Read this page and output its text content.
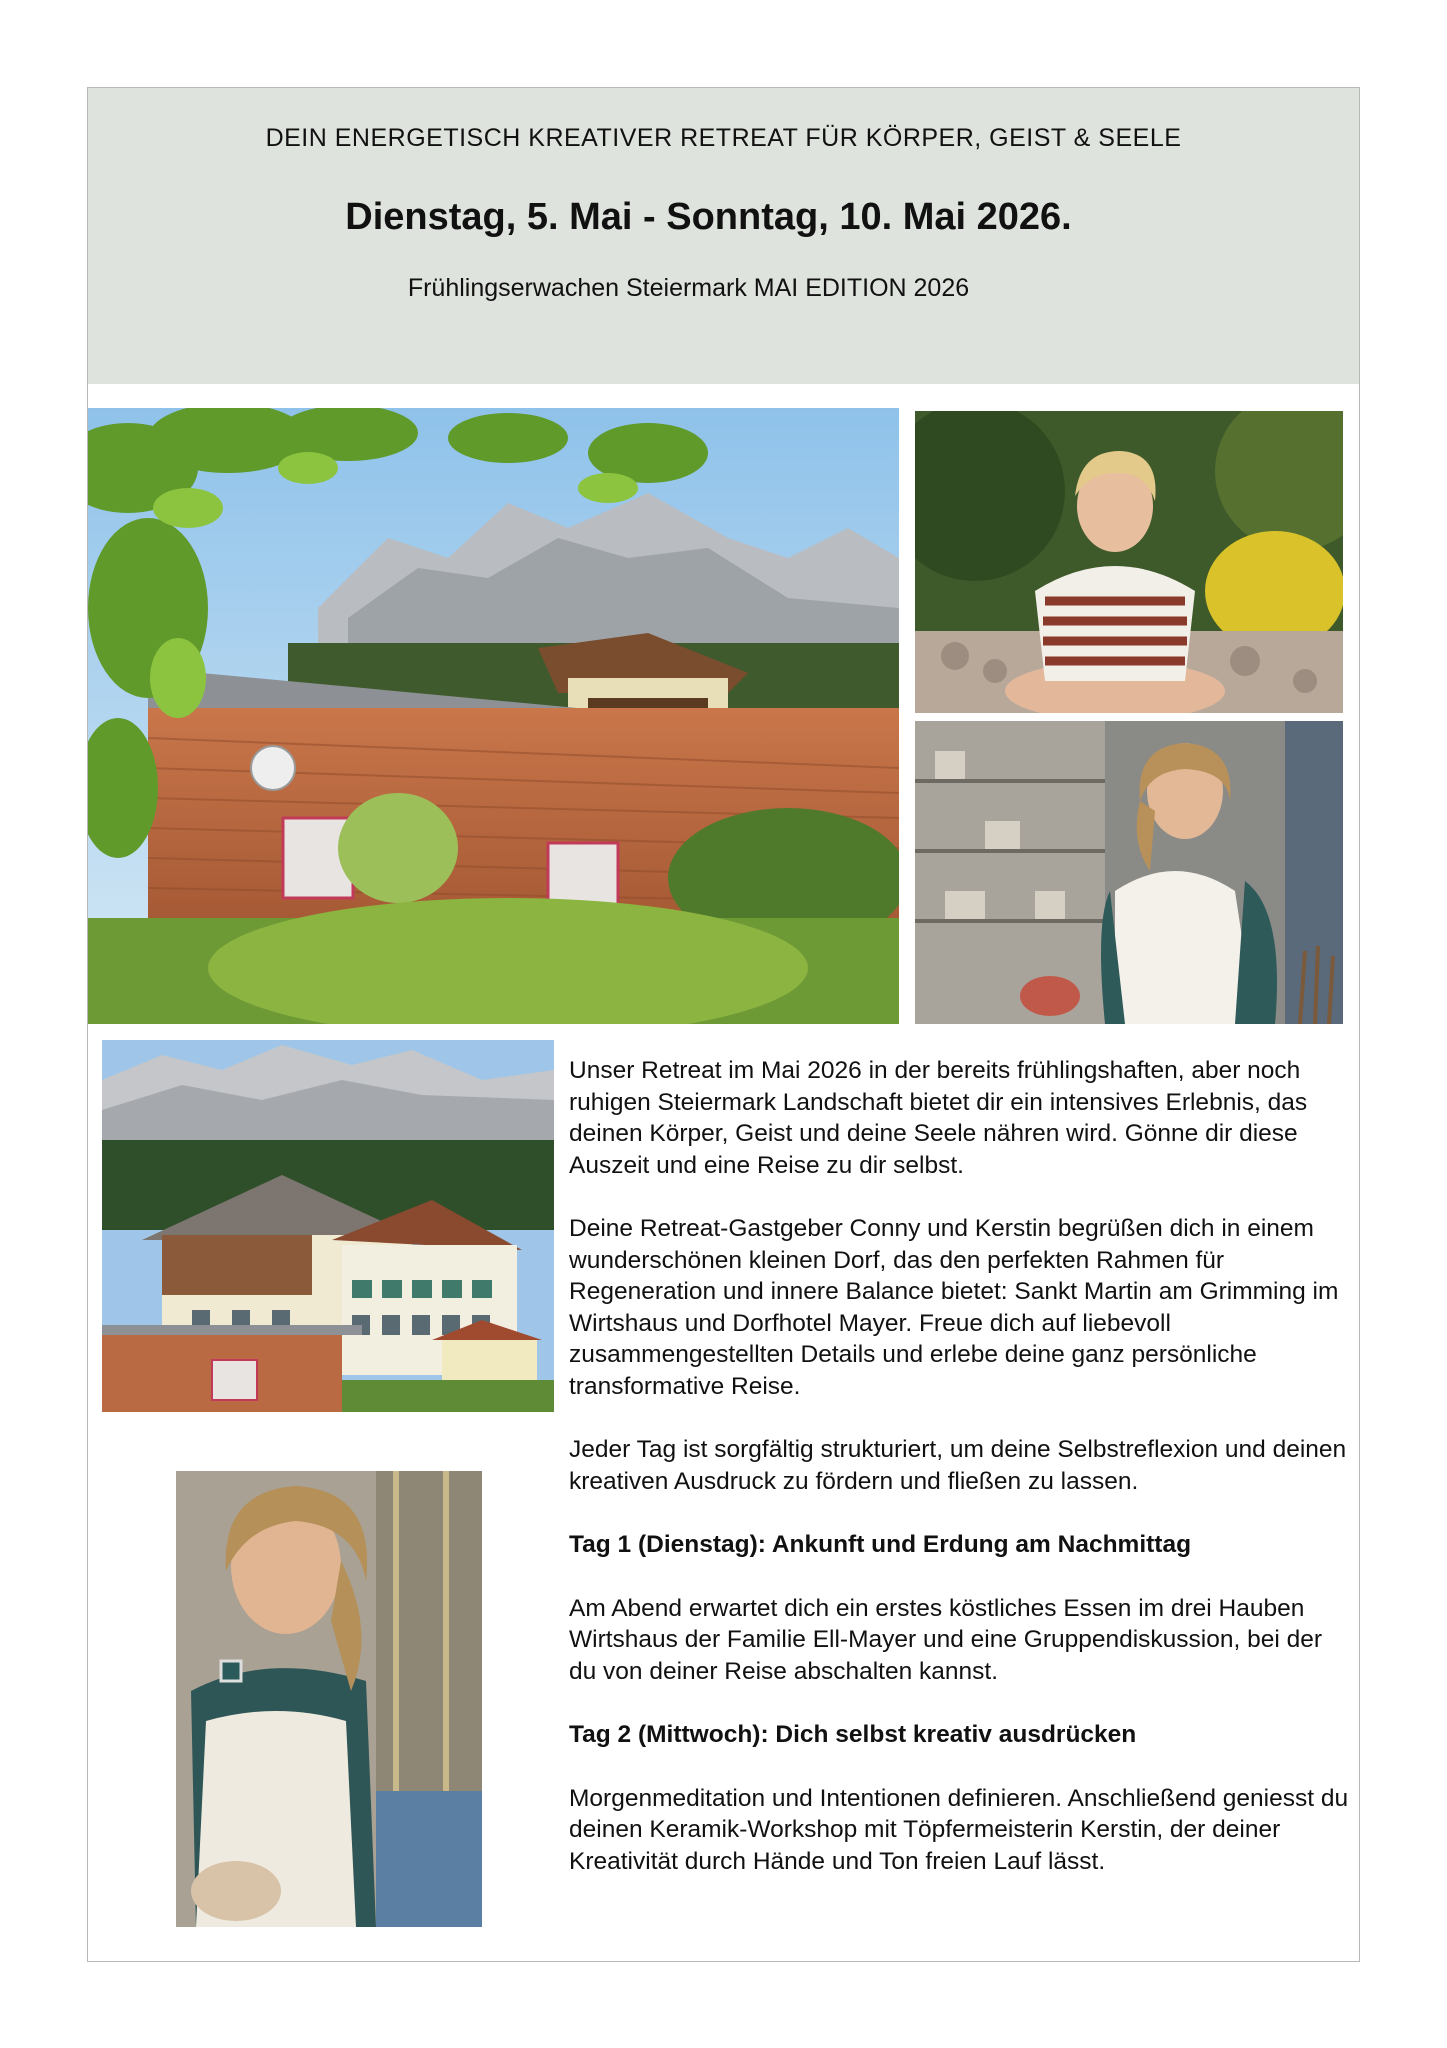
DEIN ENERGETISCH KREATIVER RETREAT FÜR KÖRPER, GEIST & SEELE
Dienstag, 5. Mai - Sonntag, 10. Mai 2026.
Frühlingserwachen Steiermark MAI EDITION 2026

Unser Retreat im Mai 2026 in der bereits frühlingshaften, aber noch ruhigen Steiermark Landschaft bietet dir ein intensives Erlebnis, das deinen Körper, Geist und deine Seele nähren wird. Gönne dir diese Auszeit und eine Reise zu dir selbst.

Deine Retreat-Gastgeber Conny und Kerstin begrüßen dich in einem wunderschönen kleinen Dorf, das den perfekten Rahmen für Regeneration und innere Balance bietet: Sankt Martin am Grimming im Wirtshaus und Dorfhotel Mayer. Freue dich auf liebevoll zusammengestellten Details und erlebe deine ganz persönliche transformative Reise.

Jeder Tag ist sorgfältig strukturiert, um deine Selbstreflexion und deinen kreativen Ausdruck zu fördern und fließen zu lassen.

Tag 1 (Dienstag): Ankunft und Erdung am Nachmittag

Am Abend erwartet dich ein erstes köstliches Essen im drei Hauben Wirtshaus der Familie Ell-Mayer und eine Gruppendiskussion, bei der du von deiner Reise abschalten kannst.

Tag 2 (Mittwoch): Dich selbst kreativ ausdrücken

Morgenmeditation und Intentionen definieren. Anschließend geniesst du deinen Keramik-Workshop mit Töpfermeisterin Kerstin, der deiner Kreativität durch Hände und Ton freien Lauf lässt.
